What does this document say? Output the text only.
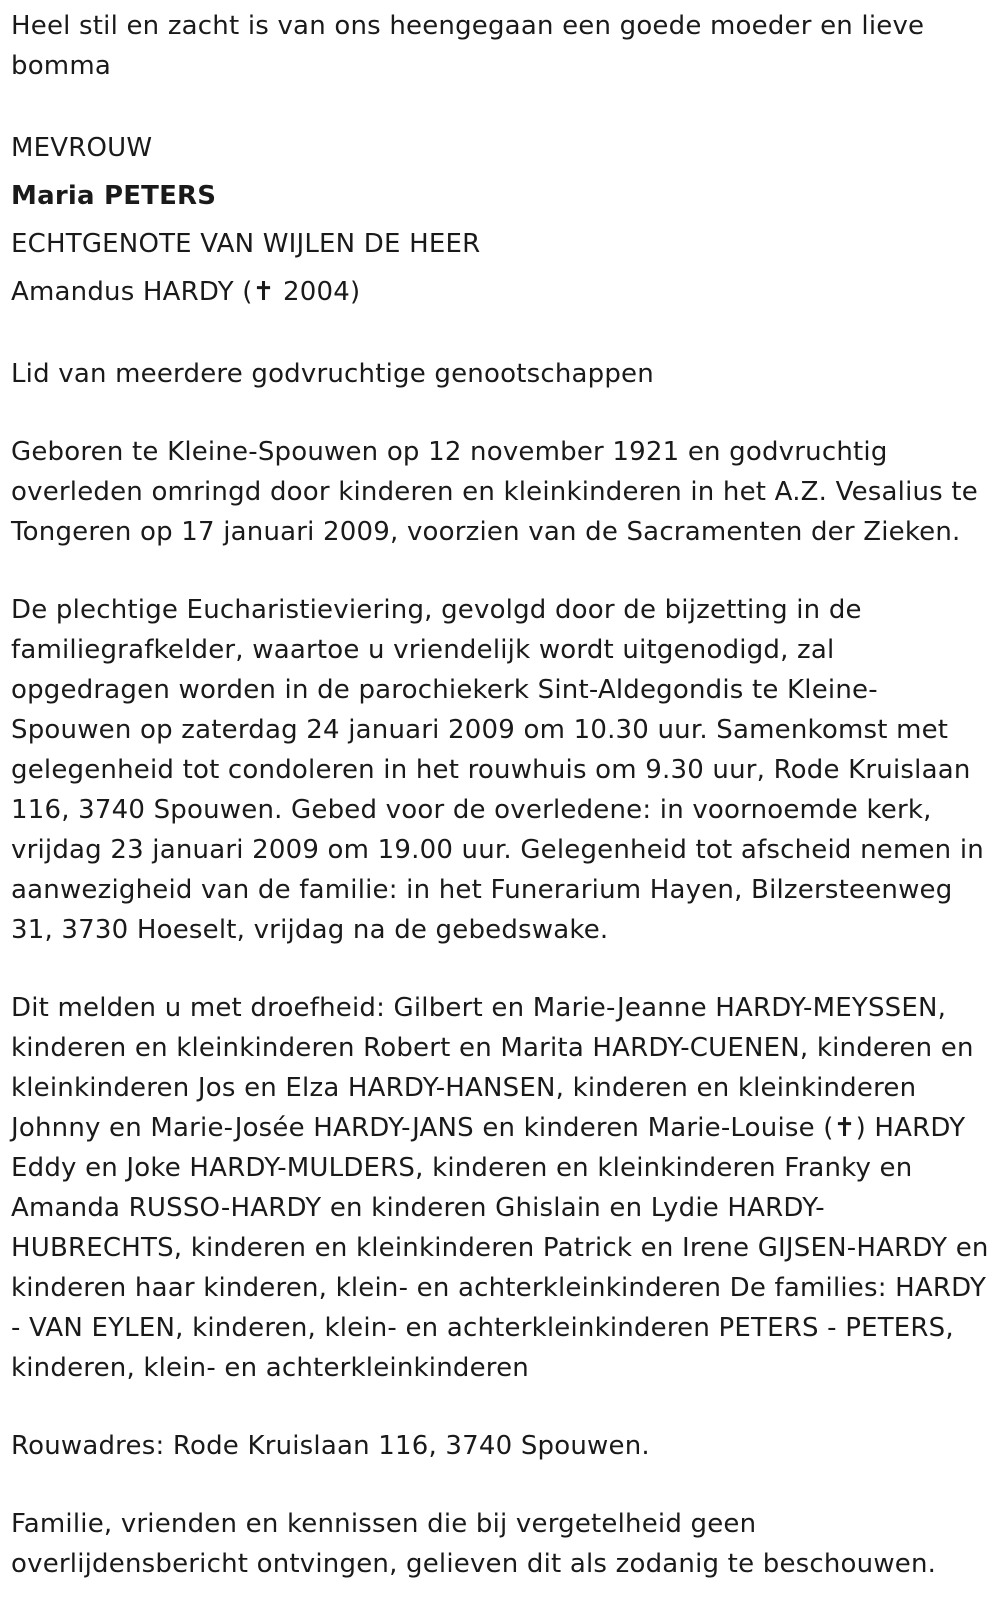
Heel stil en zacht is van ons heengegaan een goede moeder en lieve bomma

MEVROUW

Maria PETERS

ECHTGENOTE VAN WIJLEN DE HEER

Amandus HARDY (✝ 2004)

Lid van meerdere godvruchtige genootschappen

Geboren te Kleine-Spouwen op 12 november 1921 en godvruchtig overleden omringd door kinderen en kleinkinderen in het A.Z. Vesalius te Tongeren op 17 januari 2009, voorzien van de Sacramenten der Zieken.

De plechtige Eucharistieviering, gevolgd door de bijzetting in de familiegrafkelder, waartoe u vriendelijk wordt uitgenodigd, zal opgedragen worden in de parochiekerk Sint-Aldegondis te Kleine-Spouwen op zaterdag 24 januari 2009 om 10.30 uur. Samenkomst met gelegenheid tot condoleren in het rouwhuis om 9.30 uur, Rode Kruislaan 116, 3740 Spouwen. Gebed voor de overledene: in voornoemde kerk, vrijdag 23 januari 2009 om 19.00 uur. Gelegenheid tot afscheid nemen in aanwezigheid van de familie: in het Funerarium Hayen, Bilzersteenweg 31, 3730 Hoeselt, vrijdag na de gebedswake.

Dit melden u met droefheid: Gilbert en Marie-Jeanne HARDY-MEYSSEN, kinderen en kleinkinderen Robert en Marita HARDY-CUENEN, kinderen en kleinkinderen Jos en Elza HARDY-HANSEN, kinderen en kleinkinderen Johnny en Marie-Josée HARDY-JANS en kinderen Marie-Louise (✝) HARDY Eddy en Joke HARDY-MULDERS, kinderen en kleinkinderen Franky en Amanda RUSSO-HARDY en kinderen Ghislain en Lydie HARDY-HUBRECHTS, kinderen en kleinkinderen Patrick en Irene GIJSEN-HARDY en kinderen haar kinderen, klein- en achterkleinkinderen De families: HARDY - VAN EYLEN, kinderen, klein- en achterkleinkinderen PETERS - PETERS, kinderen, klein- en achterkleinkinderen

Rouwadres: Rode Kruislaan 116, 3740 Spouwen.

Familie, vrienden en kennissen die bij vergetelheid geen overlijdensbericht ontvingen, gelieven dit als zodanig te beschouwen.
